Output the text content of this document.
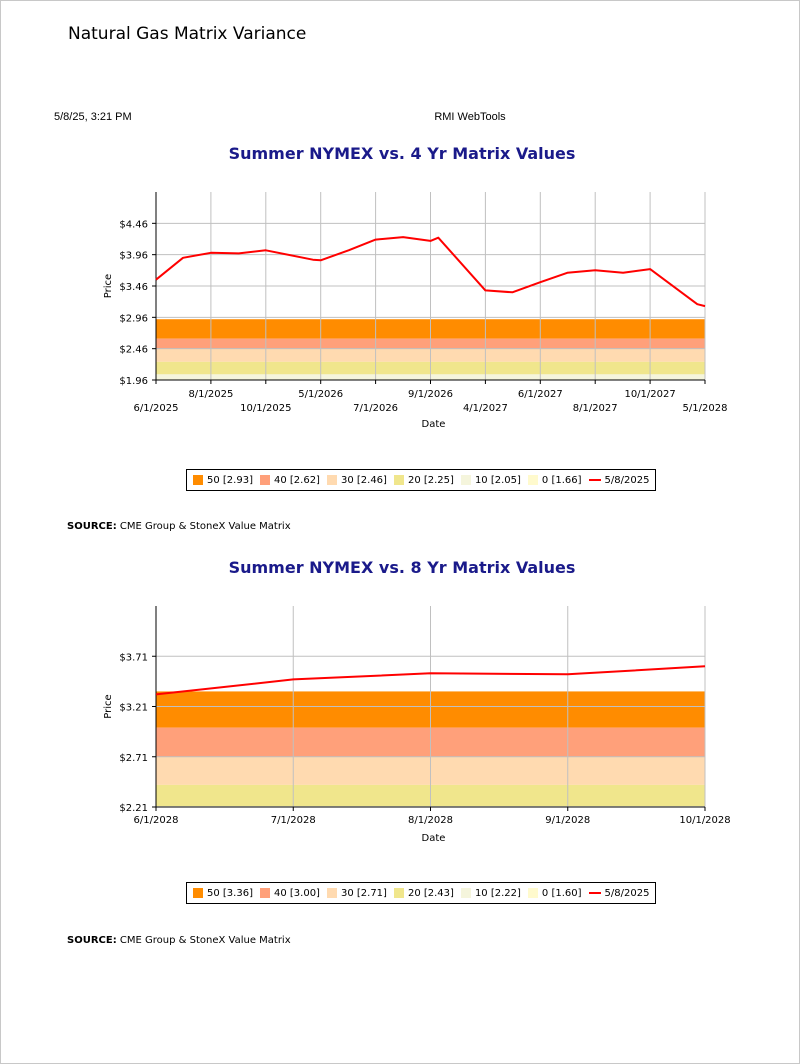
Natural Gas Matrix Variance
5/8/25, 3:21 PM	RMI WebTools
Summer NYMEX vs. 4 Yr Matrix Values
$1.96
$2.46
$2.96
$3.46
$3.96
$4.46
6/1/2025
8/1/2025
10/1/2025
5/1/2026
7/1/2026
9/1/2026
4/1/2027
6/1/2027
8/1/2027
10/1/2027
5/1/2028
Price
Date
50 [2.93] 40 [2.62] 30 [2.46] 20 [2.25] 10 [2.05] 0 [1.66] 5/8/2025
SOURCE: CME Group & StoneX Value Matrix
Summer NYMEX vs. 8 Yr Matrix Values
$2.21
$2.71
$3.21
$3.71
6/1/2028	7/1/2028	8/1/2028	9/1/2028	10/1/2028
Price
Date
50 [3.36] 40 [3.00] 30 [2.71] 20 [2.43] 10 [2.22] 0 [1.60] 5/8/2025
SOURCE: CME Group & StoneX Value Matrix
